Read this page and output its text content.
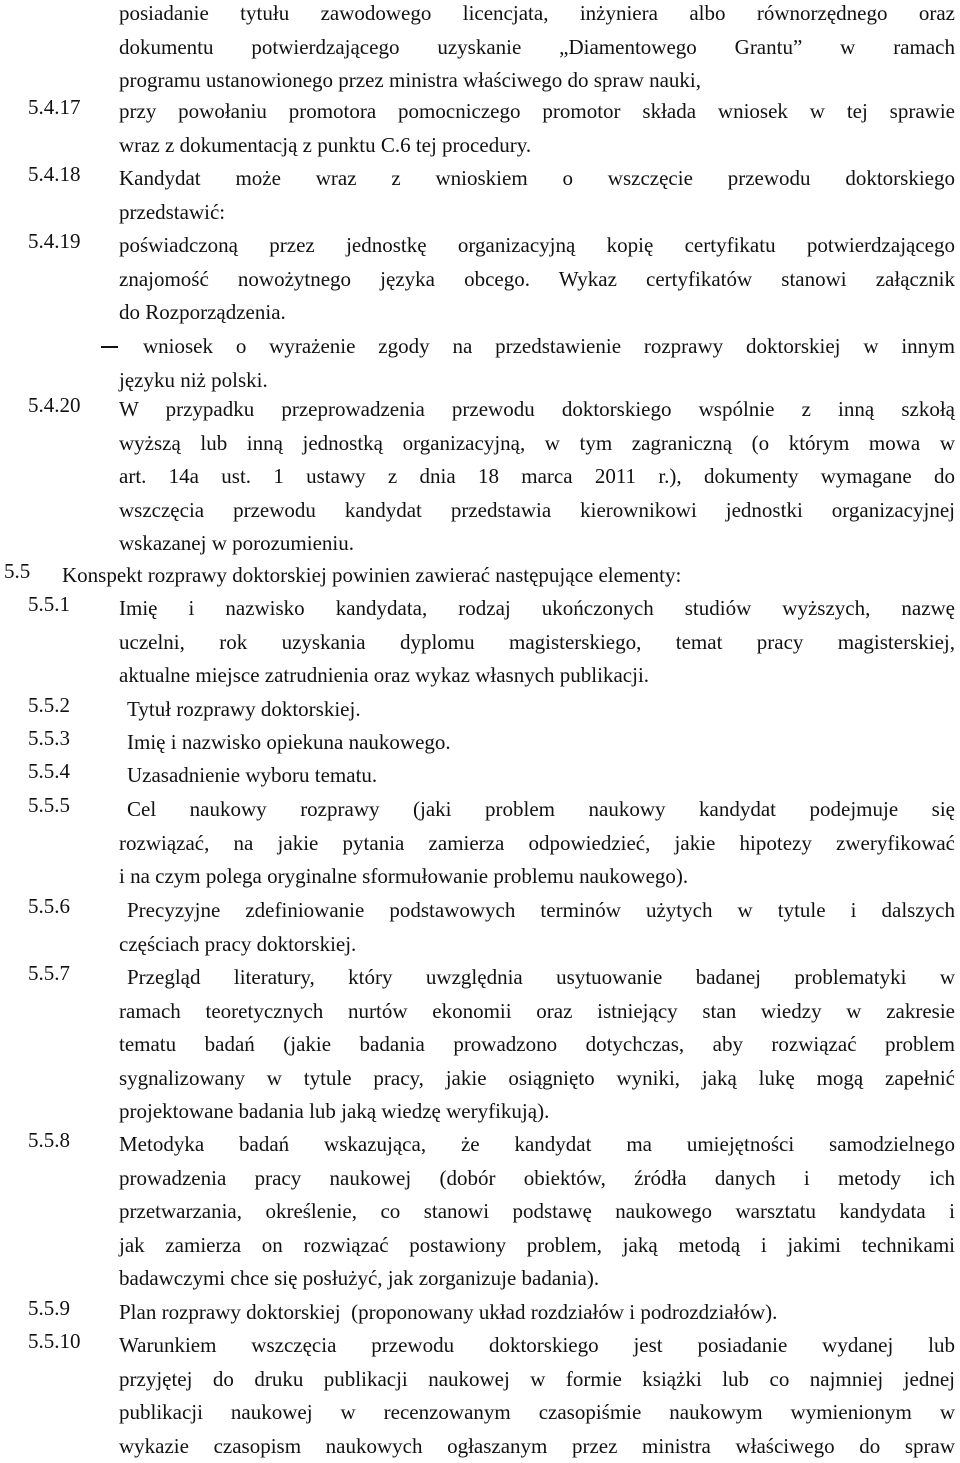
posiadanie tytułu zawodowego licencjata, inżyniera albo równorzędnego oraz
dokumentu potwierdzającego uzyskanie „Diamentowego Grantu” w ramach
programu ustanowionego przez ministra właściwego do spraw nauki,
5.4.17 przy powołaniu promotora pomocniczego promotor składa wniosek w tej sprawie
wraz z dokumentacją z punktu C.6 tej procedury.
5.4.18 Kandydat może wraz z wnioskiem o wszczęcie przewodu doktorskiego
przedstawić:
5.4.19 poświadczoną przez jednostkę organizacyjną kopię certyfikatu potwierdzającego
znajomość nowożytnego języka obcego. Wykaz certyfikatów stanowi załącznik
do Rozporządzenia.
wniosek o wyrażenie zgody na przedstawienie rozprawy doktorskiej w innym
języku niż polski.
5.4.20 W przypadku przeprowadzenia przewodu doktorskiego wspólnie z inną szkołą
wyższą lub inną jednostką organizacyjną, w tym zagraniczną (o którym mowa w
art. 14a ust. 1 ustawy z dnia 18 marca 2011 r.), dokumenty wymagane do
wszczęcia przewodu kandydat przedstawia kierownikowi jednostki organizacyjnej
wskazanej w porozumieniu.
5.5 Konspekt rozprawy doktorskiej powinien zawierać następujące elementy:
5.5.1 Imię i nazwisko kandydata, rodzaj ukończonych studiów wyższych, nazwę
uczelni, rok uzyskania dyplomu magisterskiego, temat pracy magisterskiej,
aktualne miejsce zatrudnienia oraz wykaz własnych publikacji.
5.5.2	Tytuł rozprawy doktorskiej.
5.5.3	Imię i nazwisko opiekuna naukowego.
5.5.4	Uzasadnienie wyboru tematu.
5.5.5	Cel naukowy rozprawy (jaki problem naukowy kandydat podejmuje się
rozwiązać, na jakie pytania zamierza odpowiedzieć, jakie hipotezy zweryfikować
i na czym polega oryginalne sformułowanie problemu naukowego).
5.5.6	Precyzyjne zdefiniowanie podstawowych terminów użytych w tytule i dalszych
częściach pracy doktorskiej.
5.5.7	Przegląd literatury, który uwzględnia usytuowanie badanej problematyki w
ramach teoretycznych nurtów ekonomii oraz istniejący stan wiedzy w zakresie
tematu badań (jakie badania prowadzono dotychczas, aby rozwiązać problem
sygnalizowany w tytule pracy, jakie osiągnięto wyniki, jaką lukę mogą zapełnić
projektowane badania lub jaką wiedzę weryfikują).
5.5.8 Metodyka badań wskazująca, że kandydat ma umiejętności samodzielnego
prowadzenia pracy naukowej (dobór obiektów, źródła danych i metody ich
przetwarzania, określenie, co stanowi podstawę naukowego warsztatu kandydata i
jak zamierza on rozwiązać postawiony problem, jaką metodą i jakimi technikami
badawczymi chce się posłużyć, jak zorganizuje badania).
5.5.9 Plan rozprawy doktorskiej  (proponowany układ rozdziałów i podrozdziałów).
5.5.10 Warunkiem wszczęcia przewodu doktorskiego jest posiadanie wydanej lub
przyjętej do druku publikacji naukowej w formie książki lub co najmniej jednej
publikacji naukowej w recenzowanym czasopiśmie naukowym wymienionym w
wykazie czasopism naukowych ogłaszanym przez ministra właściwego do spraw
